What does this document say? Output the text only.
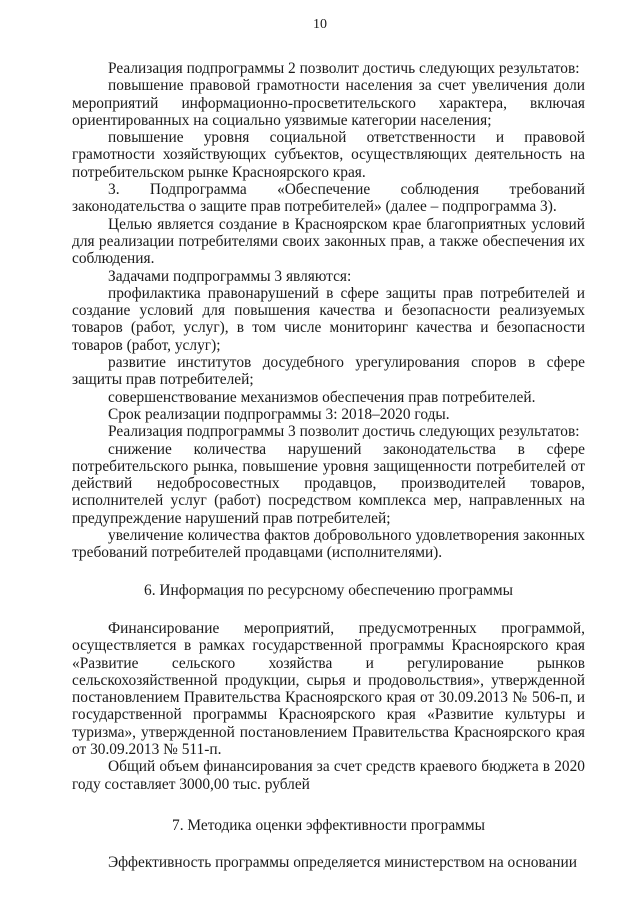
10

Реализация подпрограммы 2 позволит достичь следующих результатов:

повышение правовой грамотности населения за счет увеличения доли мероприятий информационно-просветительского характера, включая ориентированных на социально уязвимые категории населения;

повышение уровня социальной ответственности и правовой грамотности хозяйствующих субъектов, осуществляющих деятельность на потребительском рынке Красноярского края.

3. Подпрограмма «Обеспечение соблюдения требований законодательства о защите прав потребителей» (далее – подпрограмма 3).

Целью является создание в Красноярском крае благоприятных условий для реализации потребителями своих законных прав, а также обеспечения их соблюдения.

Задачами подпрограммы 3 являются:

профилактика правонарушений в сфере защиты прав потребителей и создание условий для повышения качества и безопасности реализуемых товаров (работ, услуг), в том числе мониторинг качества и безопасности товаров (работ, услуг);

развитие институтов досудебного урегулирования споров в сфере защиты прав потребителей;

совершенствование механизмов обеспечения прав потребителей.

Срок реализации подпрограммы 3: 2018–2020 годы.

Реализация подпрограммы 3 позволит достичь следующих результатов:

снижение количества нарушений законодательства в сфере потребительского рынка, повышение уровня защищенности потребителей от действий недобросовестных продавцов, производителей товаров, исполнителей услуг (работ) посредством комплекса мер, направленных на предупреждение нарушений прав потребителей;

увеличение количества фактов добровольного удовлетворения законных требований потребителей продавцами (исполнителями).

6. Информация по ресурсному обеспечению программы

Финансирование мероприятий, предусмотренных программой, осуществляется в рамках государственной программы Красноярского края «Развитие сельского хозяйства и регулирование рынков сельскохозяйственной продукции, сырья и продовольствия», утвержденной постановлением Правительства Красноярского края от 30.09.2013 № 506-п, и государственной программы Красноярского края «Развитие культуры и туризма», утвержденной постановлением Правительства Красноярского края от 30.09.2013 № 511-п.

Общий объем финансирования за счет средств краевого бюджета в 2020 году составляет 3000,00 тыс. рублей

7. Методика оценки эффективности программы

Эффективность программы определяется министерством на основании
